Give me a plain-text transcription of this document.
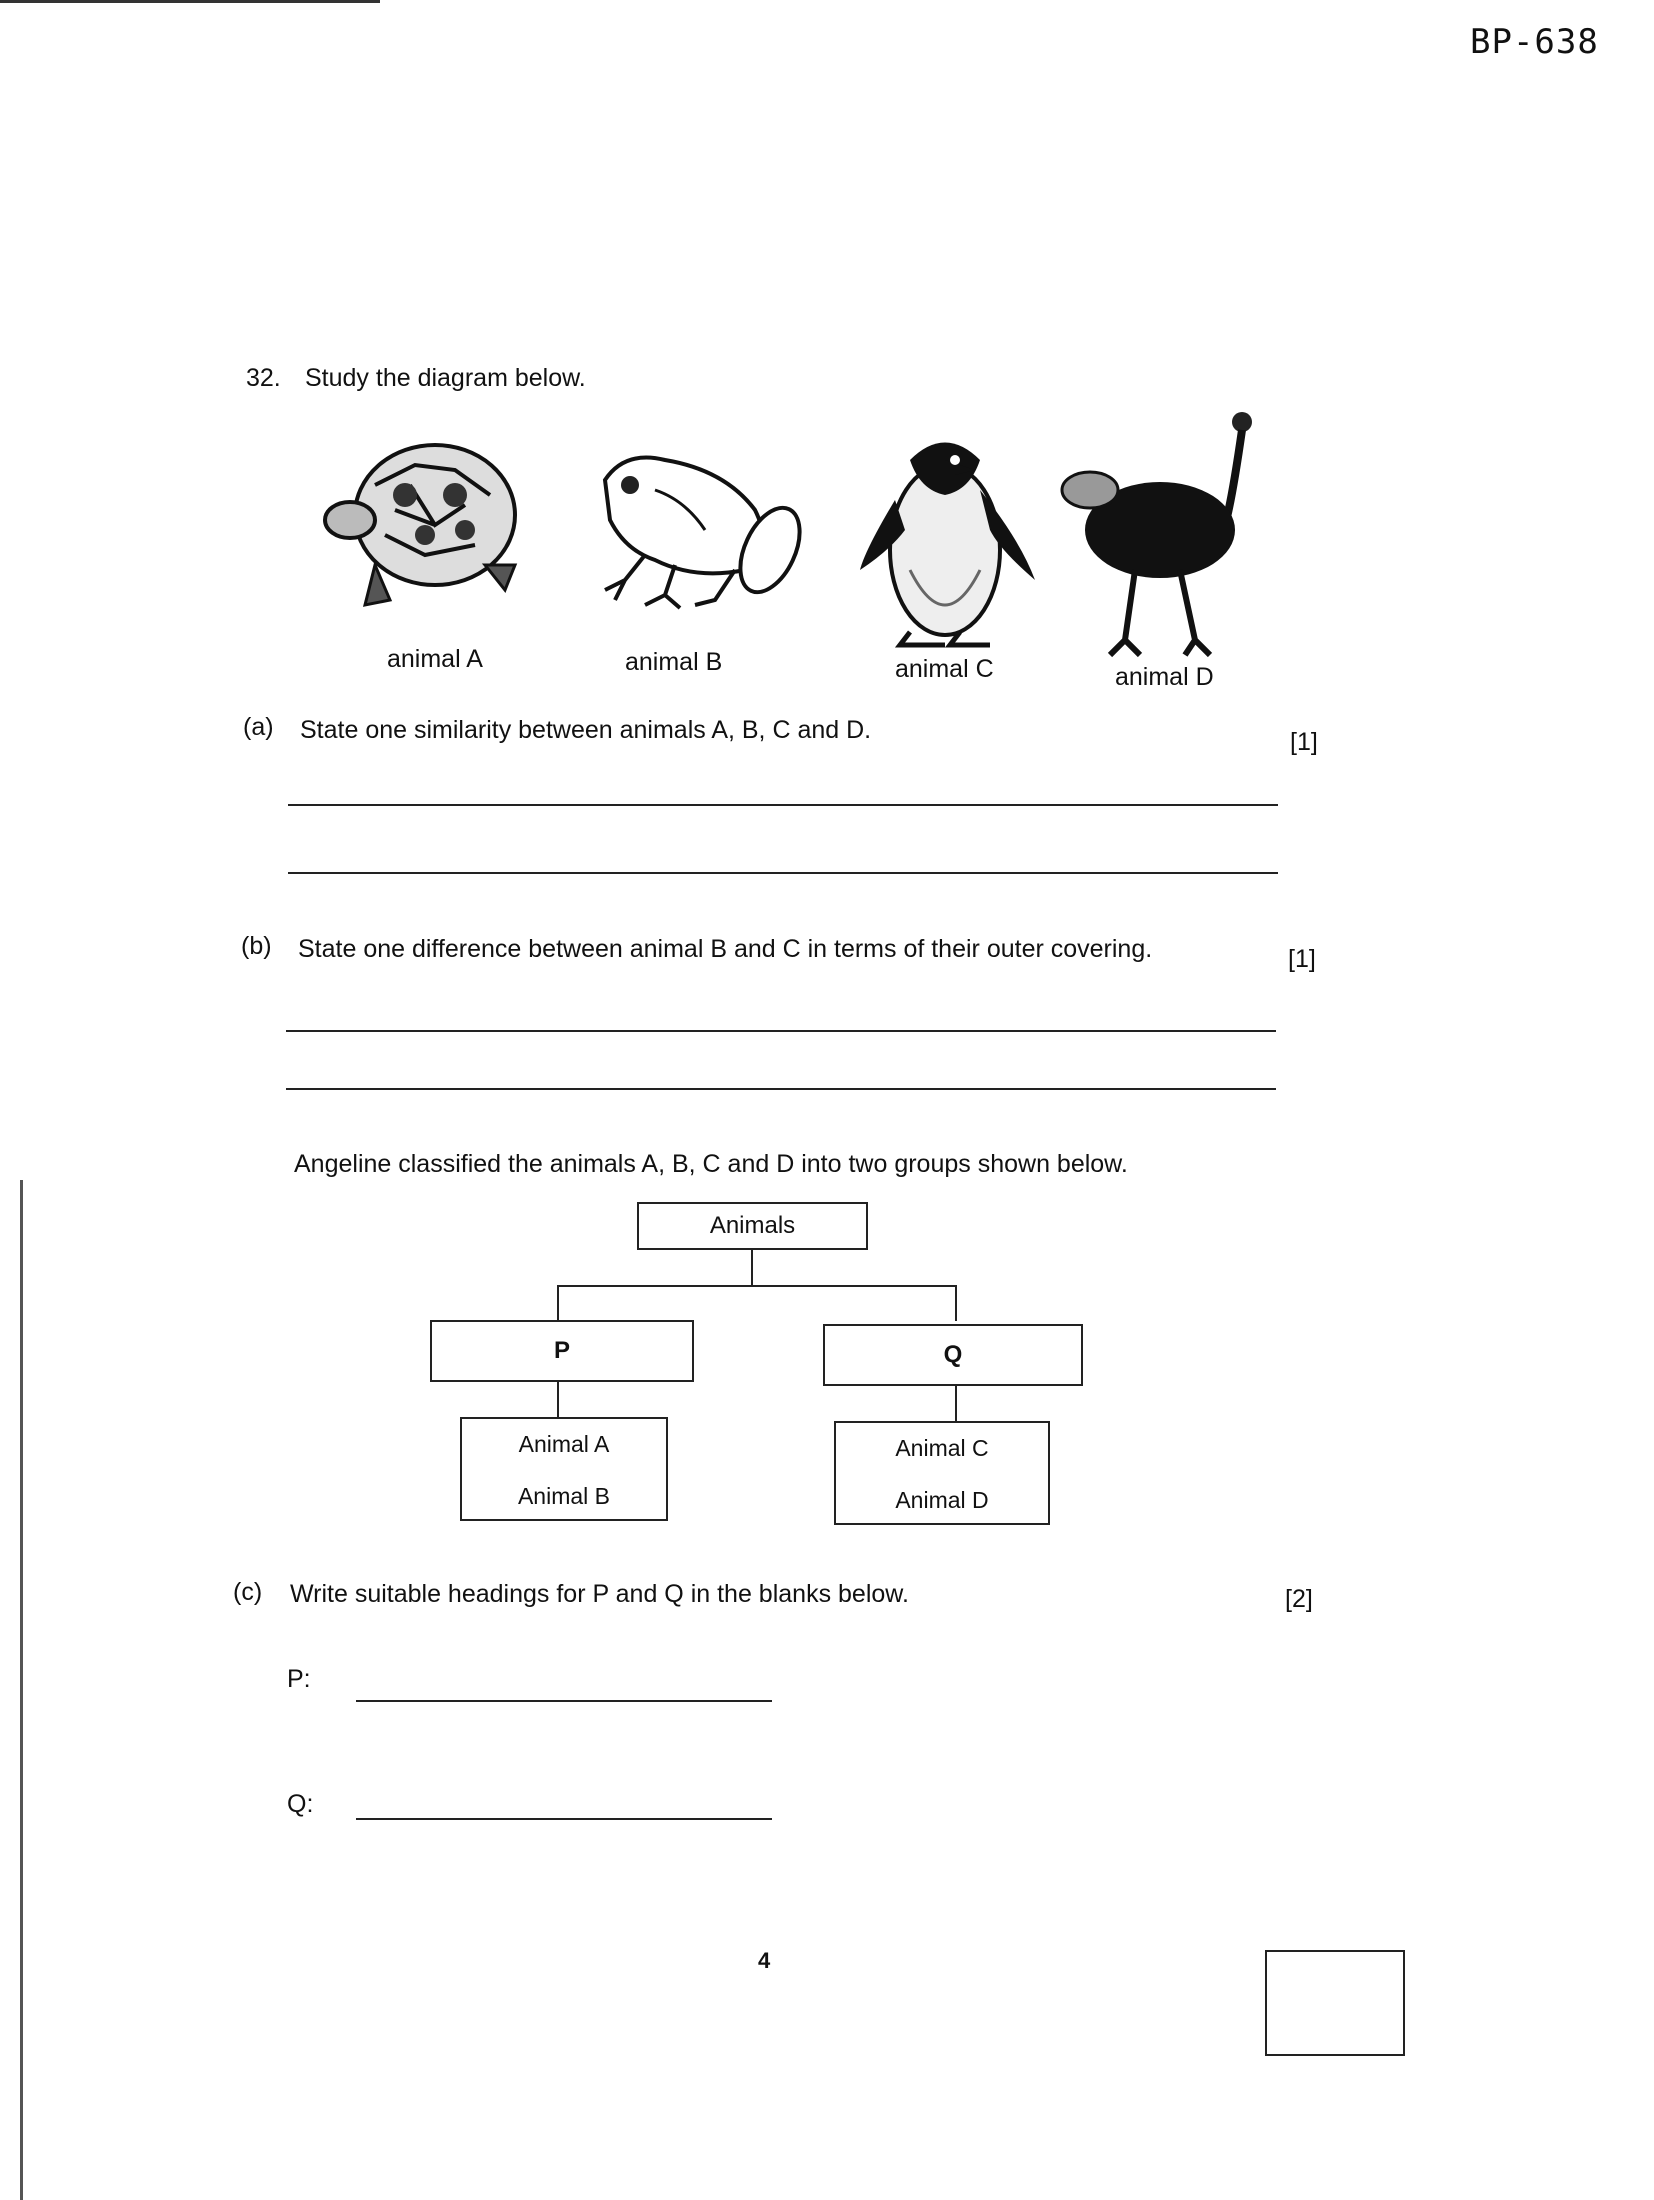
BP-638
32. Study the diagram below.
animal A	animal B	animal C	animal D
(a) State one similarity between animals A, B, C and D.	[1]
(b) State one difference between animal B and C in terms of their outer covering.	[1]
Angeline classified the animals A, B, C and D into two groups shown below.
Animals
P	Q
Animal A
Animal B
Animal C
Animal D
(c) Write suitable headings for P and Q in the blanks below.	[2]
P:
Q:
4
